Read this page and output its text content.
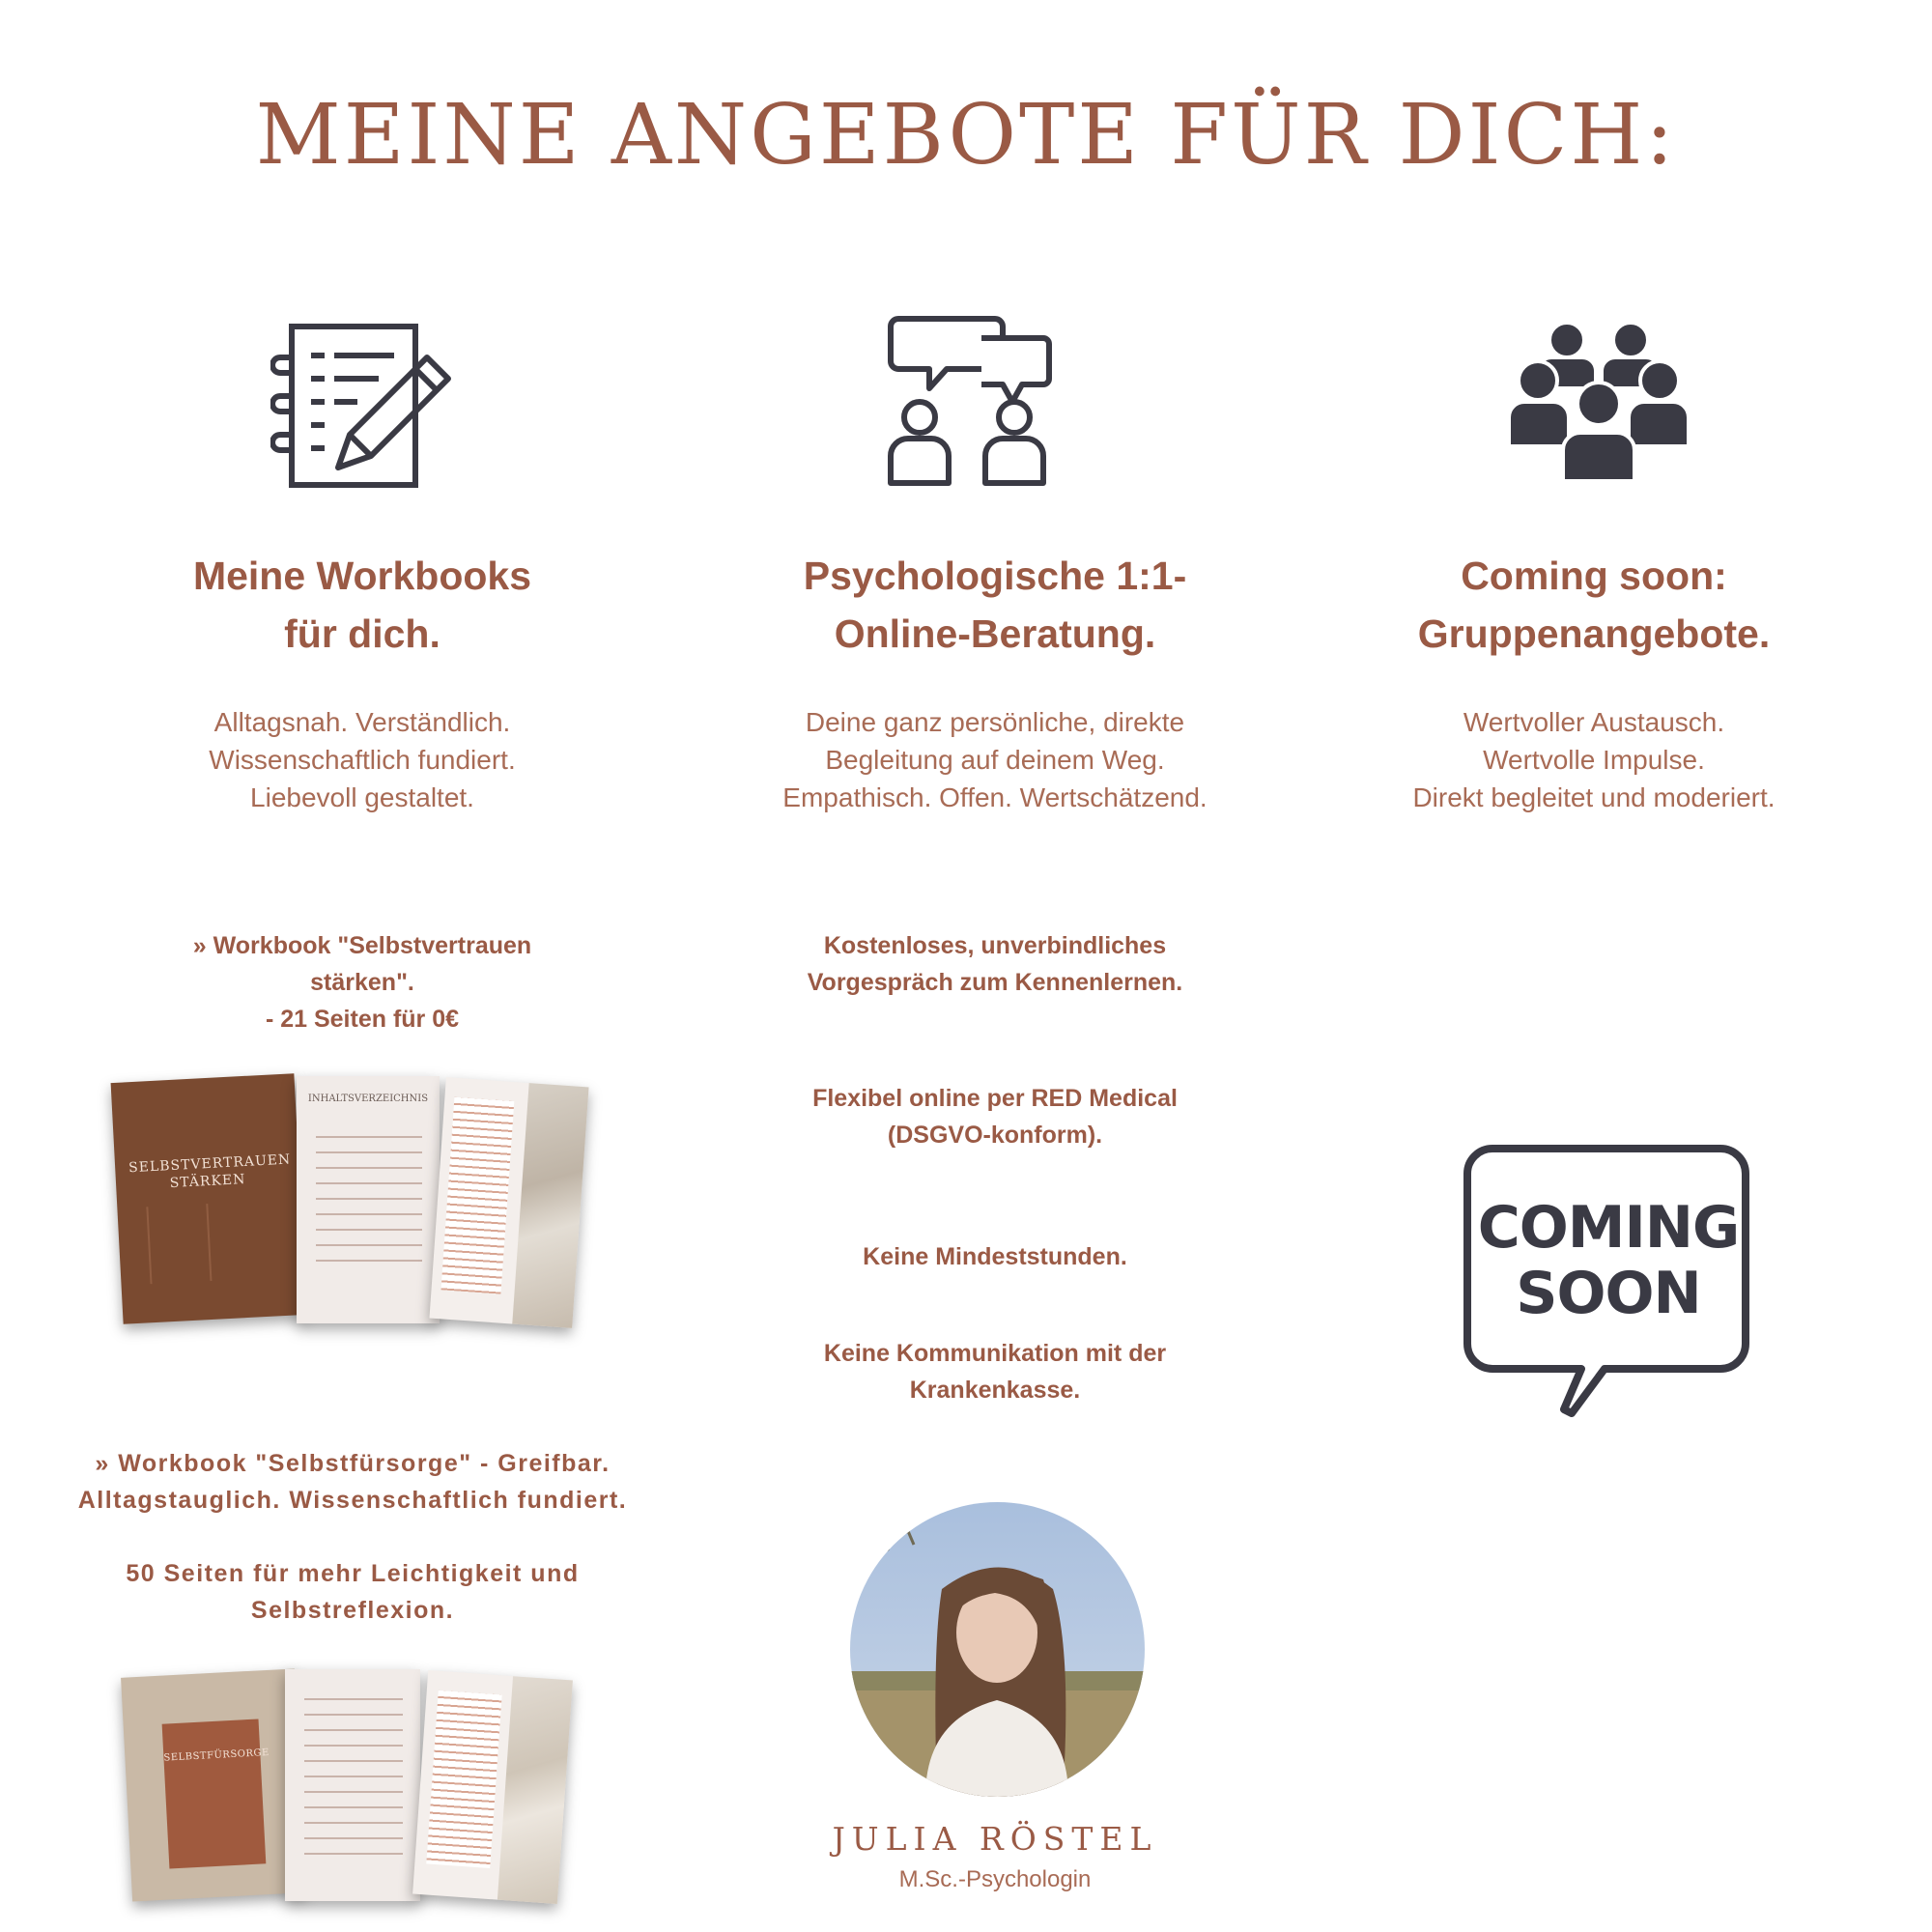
MEINE ANGEBOTE FÜR DICH:
Meine Workbooks
für dich.
Psychologische 1:1-
Online-Beratung.
Coming soon:
Gruppenangebote.
Alltagsnah. Verständlich.
Wissenschaftlich fundiert.
Liebevoll gestaltet.
Deine ganz persönliche, direkte
Begleitung auf deinem Weg.
Empathisch. Offen. Wertschätzend.
Wertvoller Austausch.
Wertvolle Impulse.
Direkt begleitet und moderiert.
» Workbook "Selbstvertrauen
stärken".
- 21 Seiten für 0€
SELBSTVERTRAUEN STÄRKEN
INHALTSVERZEICHNIS
» Workbook "Selbstfürsorge" - Greifbar.
Alltagstauglich. Wissenschaftlich fundiert.
50 Seiten für mehr Leichtigkeit und
Selbstreflexion.
SELBSTFÜRSORGE
Kostenloses, unverbindliches
Vorgespräch zum Kennenlernen.
Flexibel online per RED Medical
(DSGVO-konform).
Keine Mindeststunden.
Keine Kommunikation mit der
Krankenkasse.
COMING
SOON
JULIA RÖSTEL
M.Sc.-Psychologin
